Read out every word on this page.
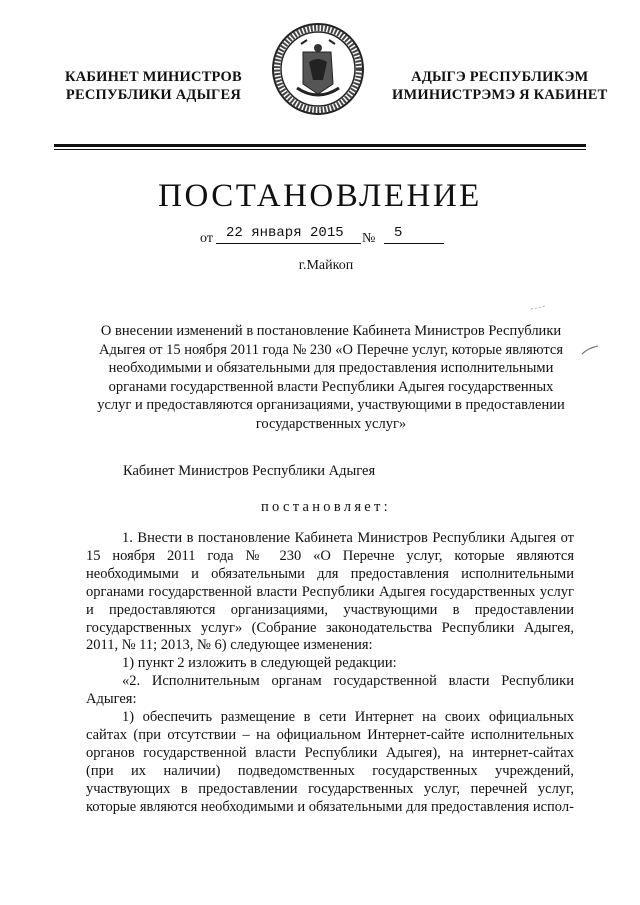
КАБИНЕТ МИНИСТРОВ
РЕСПУБЛИКИ АДЫГЕЯ
АДЫГЭ РЕСПУБЛИКЭМ
ИМИНИСТРЭМЭ Я КАБИНЕТ
ПОСТАНОВЛЕНИЕ
от 22 января 2015	№	5
г.Майкоп
О внесении изменений в постановление Кабинета Министров Республики
Адыгея от 15 ноября 2011 года № 230 «О Перечне услуг, которые являются
необходимыми и обязательными для предоставления исполнительными
органами государственной власти Республики Адыгея государственных
услуг и предоставляются организациями, участвующими в предоставлении
государственных услуг»
Кабинет Министров Республики Адыгея
постановляет:

1. Внести в постановление Кабинета Министров Республики Адыгея от 15 ноября 2011 года № 230 «О Перечне услуг, которые являются необходимыми и обязательными для предоставления исполнительными органами государственной власти Республики Адыгея государственных услуг и предоставляются организациями, участвующими в предоставлении государственных услуг» (Собрание законодательства Республики Адыгея, 2011, № 11; 2013, № 6) следующее изменения:

1) пункт 2 изложить в следующей редакции:

«2. Исполнительным органам государственной власти Республики Адыгея:

1) обеспечить размещение в сети Интернет на своих официальных сайтах (при отсутствии – на официальном Интернет-сайте исполнительных органов государственной власти Республики Адыгея), на интернет-сайтах (при их наличии) подведомственных государственных учреждений, участвующих в предоставлении государственных услуг, перечней услуг, которые являются необходимыми и обязательными для предоставления испол-
